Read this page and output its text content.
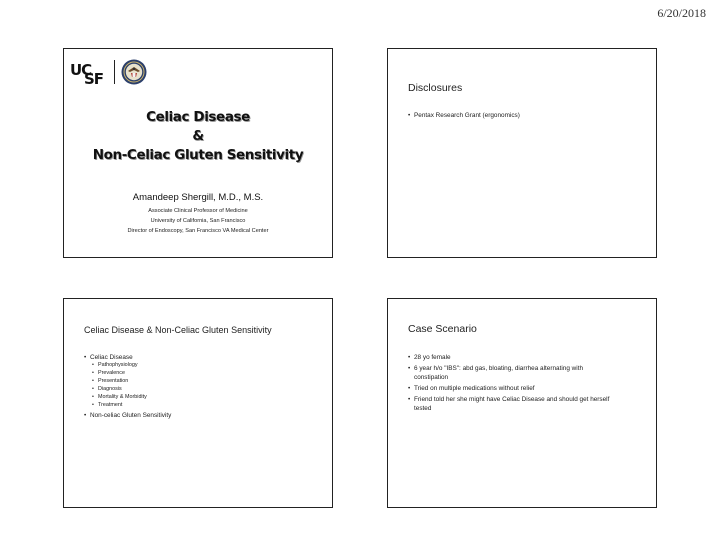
6/20/2018
UC
SF
Celiac Disease
&
Non-Celiac Gluten Sensitivity
Amandeep Shergill, M.D., M.S.
Associate Clinical Professor of Medicine
University of California, San Francisco
Director of Endoscopy, San Francisco VA Medical Center
Disclosures
• Pentax Research Grant (ergonomics)
Celiac Disease & Non-Celiac Gluten Sensitivity
• Celiac Disease
• Pathophysiology
• Prevalence
• Presentation
• Diagnosis
• Mortality & Morbidity
• Treatment
• Non-celiac Gluten Sensitivity
Case Scenario
• 28 yo female
• 6 year h/o "IBS": abd gas, bloating, diarrhea alternating with
constipation
• Tried on multiple medications without relief
• Friend told her she might have Celiac Disease and should get herself
tested
